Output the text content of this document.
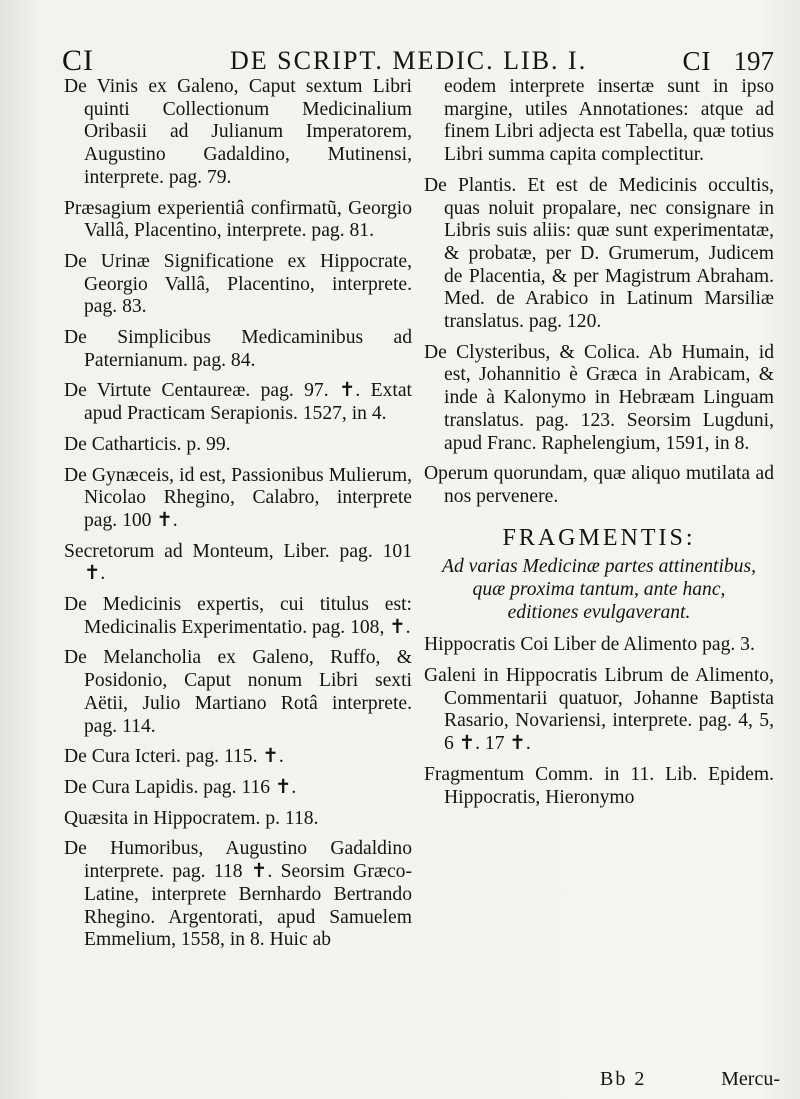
CI	DE SCRIPT. MEDIC. LIB. I.	CI 197

De Vinis ex Galeno, Caput sextum Libri quinti Collectionum Medicinalium Oribasii ad Julianum Imperatorem, Augustino Gadaldino, Mutinensi, interprete. pag. 79.

Præsagium experientiâ confirmatũ, Georgio Vallâ, Placentino, interprete. pag. 81.

De Urinæ Significatione ex Hippocrate, Georgio Vallâ, Placentino, interprete. pag. 83.

De Simplicibus Medicaminibus ad Paternianum. pag. 84.

De Virtute Centaureæ. pag. 97. ✝. Extat apud Practicam Serapionis. 1527, in 4.

De Catharticis. p. 99.

De Gynæceis, id est, Passionibus Mulierum, Nicolao Rhegino, Calabro, interprete pag. 100 ✝.

Secretorum ad Monteum, Liber. pag. 101 ✝.

De Medicinis expertis, cui titulus est: Medicinalis Experimentatio. pag. 108, ✝.

De Melancholia ex Galeno, Ruffo, & Posidonio, Caput nonum Libri sexti Aëtii, Julio Martiano Rotâ interprete. pag. 114.

De Cura Icteri. pag. 115. ✝.

De Cura Lapidis. pag. 116 ✝.

Quæsita in Hippocratem. p. 118.

De Humoribus, Augustino Gadaldino interprete. pag. 118 ✝. Seorsim Græco-Latine, interprete Bernhardo Bertrando Rhegino. Argentorati, apud Samuelem Emmelium, 1558, in 8. Huic ab

eodem interprete insertæ sunt in ipso margine, utiles Annotationes: atque ad finem Libri adjecta est Tabella, quæ totius Libri summa capita complectitur.

De Plantis. Et est de Medicinis occultis, quas noluit propalare, nec consignare in Libris suis aliis: quæ sunt experimentatæ, & probatæ, per D. Grumerum, Judicem de Placentia, & per Magistrum Abraham. Med. de Arabico in Latinum Marsiliæ translatus. pag. 120.

De Clysteribus, & Colica. Ab Humain, id est, Johannitio è Græca in Arabicam, & inde à Kalonymo in Hebræam Linguam translatus. pag. 123. Seorsim Lugduni, apud Franc. Raphelengium, 1591, in 8.

Operum quorundam, quæ aliquo mutilata ad nos pervenere.

FRAGMENTIS:
Ad varias Medicinæ partes attinentibus, quæ proxima tantum, ante hanc, editiones evulgaverant.

Hippocratis Coi Liber de Alimento pag. 3.

Galeni in Hippocratis Librum de Alimento, Commentarii quatuor, Johanne Baptista Rasario, Novariensi, interprete. pag. 4, 5, 6 ✝. 17 ✝.

Fragmentum Comm. in 11. Lib. Epidem. Hippocratis, Hieronymo

Bb 2	Mercu-
